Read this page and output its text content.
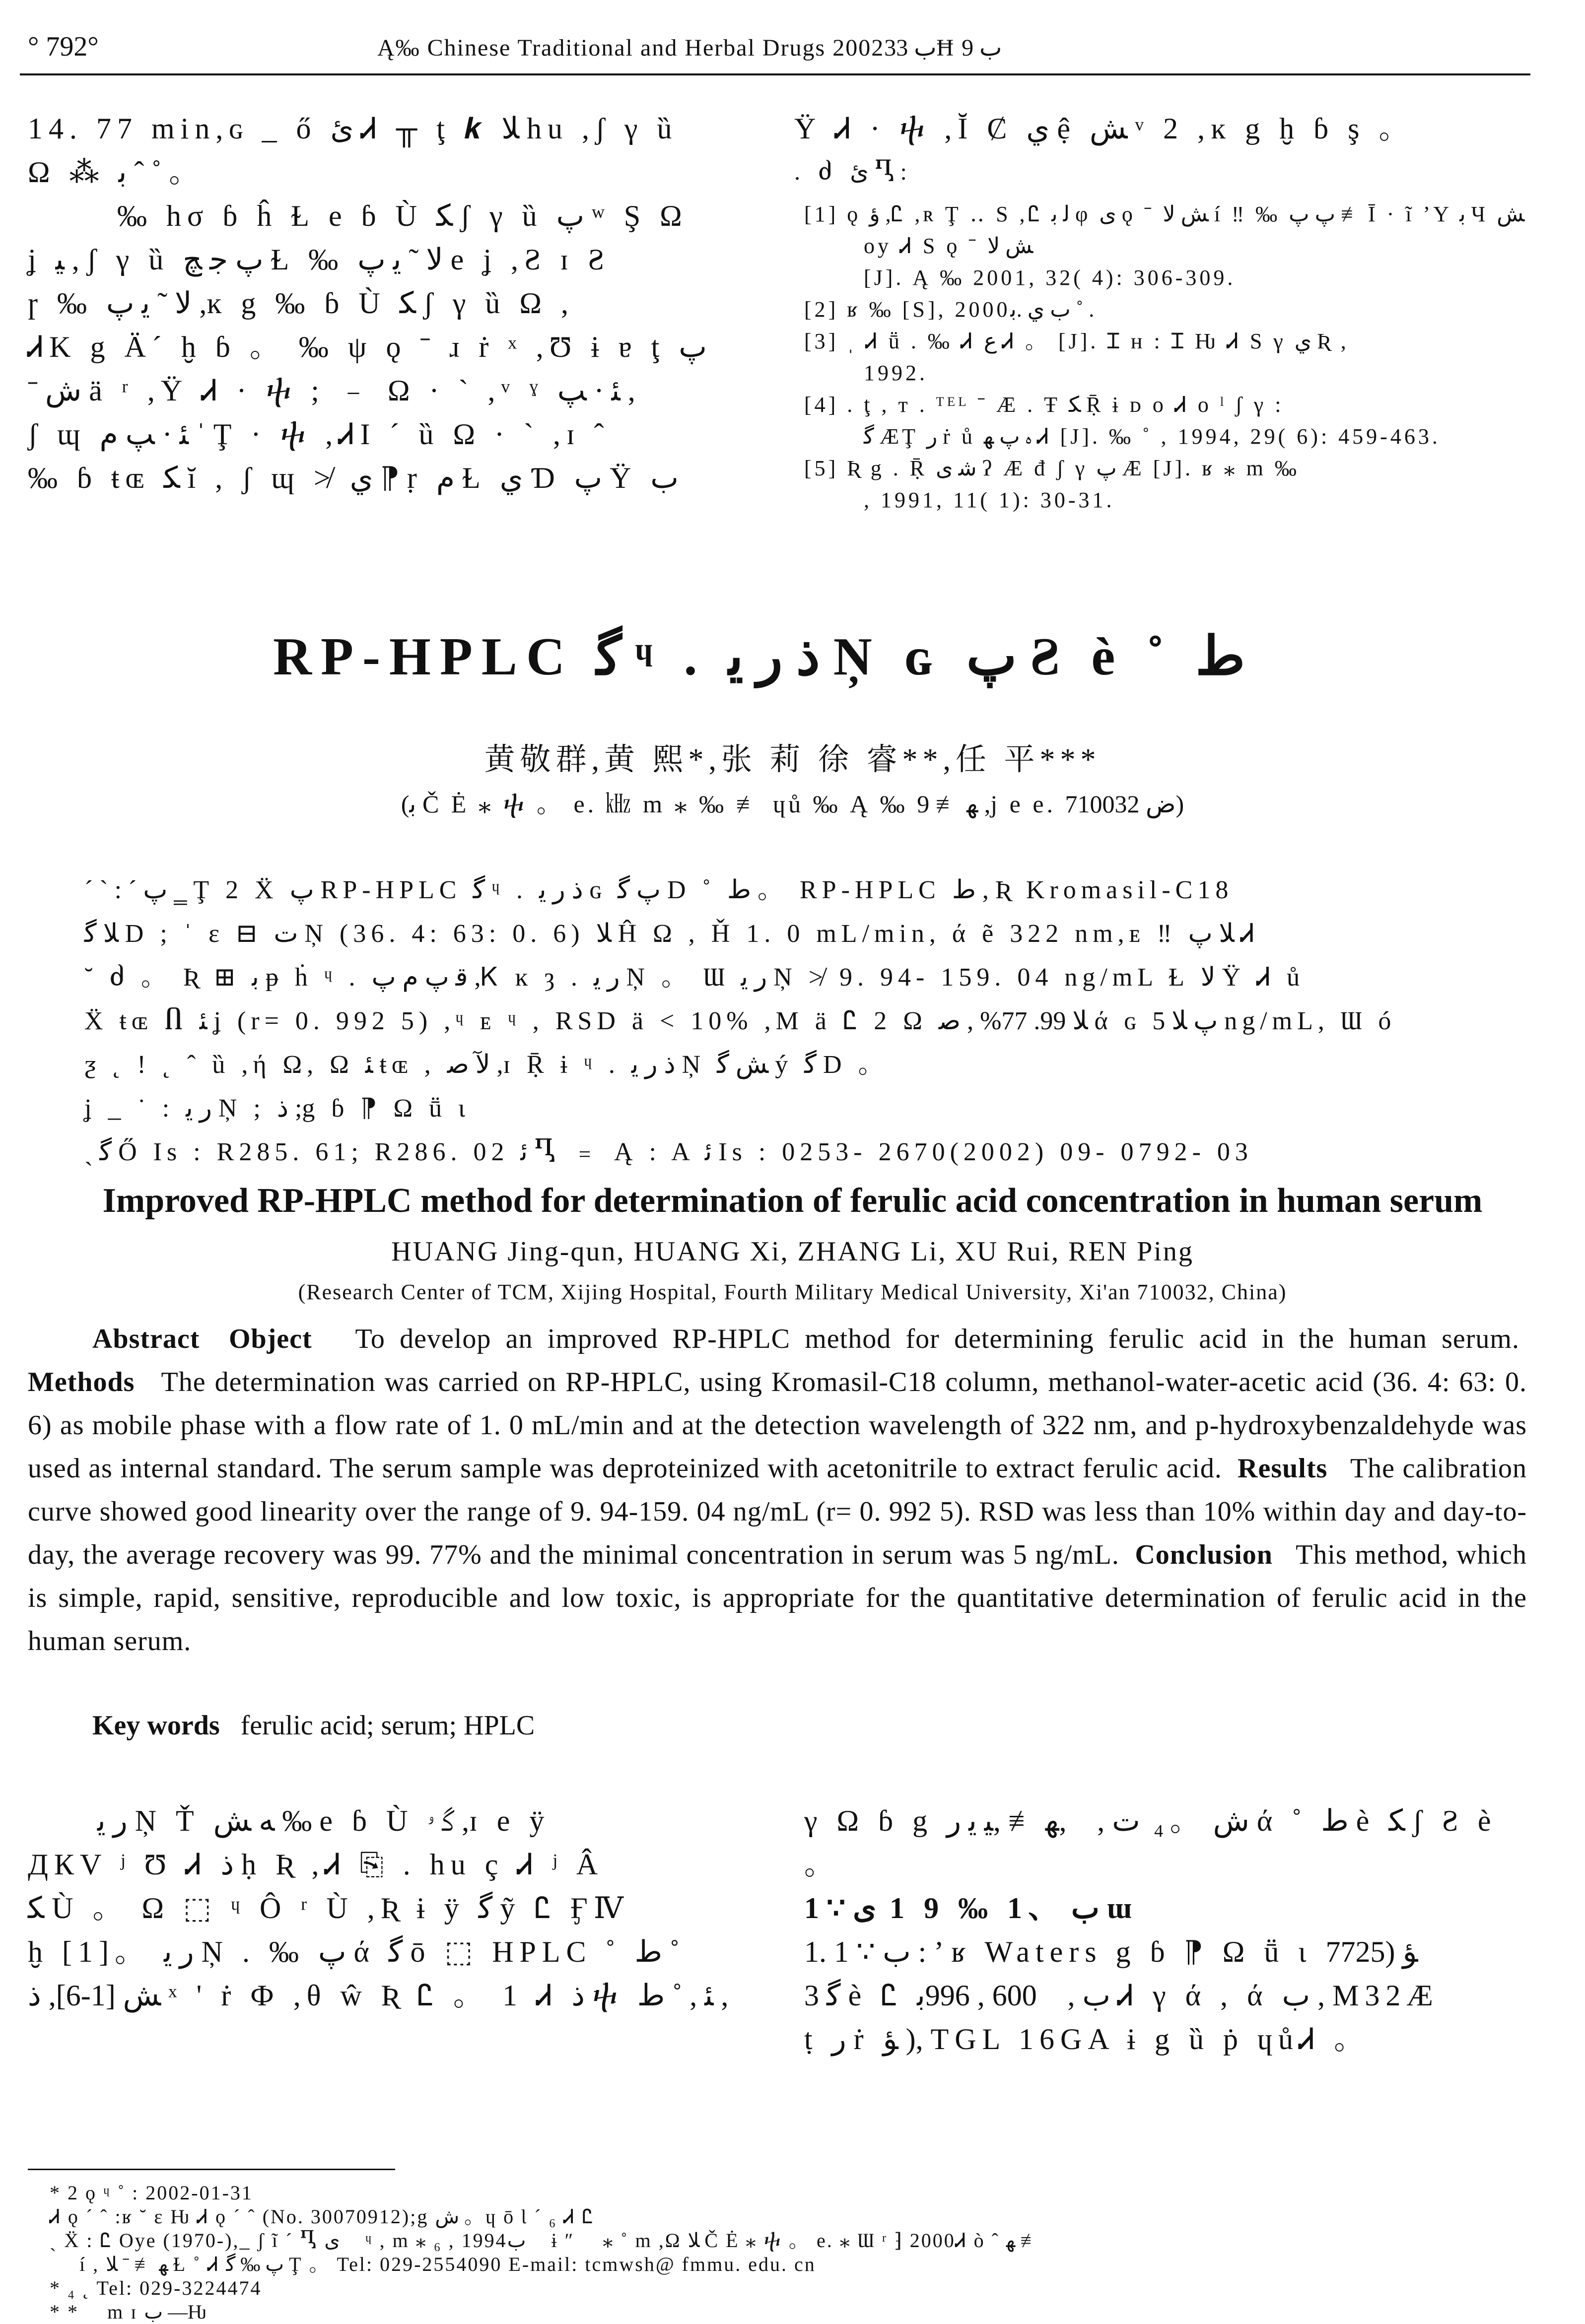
° 792°	Ą‰ Chinese Traditional and Herbal Drugs 2002ب 33Ħ ب 9

14. 77 min,ɢ _ ő ئ Ꮧ ╥ ţ 𝒌 ﻼ hu ,ʃ γ ȕ

Ω ⁂ ﺑ ˆ ˚ 。

‰ hσ ɓ ĥ Ɫ e ɓ Ù ﻜ ʃ γ ȕ ﭖ ʷ Ş Ω

ʝ ﻴ , ʃ γ ȕ ﭖ ﺟ ﭻ Ɫ ‰ ﻻ ˜ ﯾ ﭖ e ʝ ,Ƨ ɪ Ƨ

ɼ ‰ ﻻ ˜ ﯾ ﭖ ,ĸ g ‰ ɓ Ù ﻜ ʃ γ ȕ Ω ,

ᏗK g Ä´ ḫ ɓ 。 ‰ ψ ǫ ˉ ɹ ṙ ˣ ,Ʊ ɨ ɐ ţ ﭖ

ˉ ﺵ ä ʳ ,Ÿ Ꮧ · ⴕ ; ﹣ Ω · ˋ ,ᵛ ˠ ﺌ · ﭗ ,

ʃ ɰ ﺌ · ﭗ ﻡ ˈ Ţ · ⴕ ,ᏗI ˊ ȕ Ω · ˋ ,ɪ ˆ

‰ ɓ ŧɶ ﻜ ĭ , ʃ ɰ ≯ ﻱ ⁋ ṛ ﻡ Ɫ ﻱ Ɗ ﭖ Ÿ ﺏ

Ÿ Ꮧ · ⴕ ,Ĭ Ȼ ﻱ ệ ﺶ ᵛ 2 ,ĸ g ḫ ɓ ş 。

. ძ ئ Ⴂ:

[1] ǫ ﺅ ,Ꮭ ,ʀ Ţ ‥ S ,Ꮭ ﻟ ﺑ φ ﻯ ǫ ˉ ﺶ ﻻ í ‼ ‰ ﭖ ﭖ ≢ Ī · ĩ ʼY ﺑ Ч ﺶ oy Ꮧ S ǫ ˉ ﺶ ﻻ

[J]. Ą ‰ 2001, 32( 4): 306-309.

[2] ʁ ‰ [S], 2000ب ﻱ .ﺑ ˚ .

[3] ˌ Ꮧ ṻ . ‰ Ꮧ ﻉ Ꮧ 。 [J]. Ɪ ʜ : Ɪ Ƕ Ꮧ S γ ﻱ Ʀ ,

1992.

[4] . ţ , ᴛ . ᵀᴱᴸ ˉ Æ . Ŧ ﻜ Ṝ ɨ ᴅ ᴏ Ꮧ ᴏ ˡ ʃ γ :

ﮔ ÆŢ ﺭ ṙ ů ﮦ ﭖ ﻬ Ꮧ [J]. ‰ ˚ , 1994, 29( 6): 459-463.

[5] Ʀ g . Ṝ ﺷ ﻯ ʔ Æ đ ʃ γ ﭖ Æ [J]. ʁ ⁎ m ‰

, 1991, 11( 1): 30-31.

RP-HPLC ﮔ ᶣ . ﺫ ﺭ ﻳ Ņ ɢ ﭖ Ƨ è ˚ ﻁ
黄敬群,黄 熙*,张 莉 徐 睿**,任 平***
(ﺑ Č Ė ⁎ ⴕ 。 e. ㎑ m ⁎ ‰ ≢ ɥů ‰ Ą ‰ ﻬ ≢ 9 ,j e e. ﺽ 710032)

ˊ ˋ : ˊ ﭖ ‗ Ţ 2 Ẍ ﭖ RP-HPLC ﮔ ᶣ . ﺫ ﺭ ﻳ ɢ ﭖ ﮔ D ˚ ﻁ 。 RP-HPLC ﻁ , Ʀ Kromasil-C18

ﻼ ﮔ D ; ˈ ɛ ⊟ ﺕ Ņ (36. 4: 63: 0. 6) ﻼ Ĥ Ω , Ȟ 1. 0 mL/min, ά ẽ 322 nm,ᴇ ‼ ﻼ ﭖ Ꮧ

˘ ძ 。 Ʀ ⊞ ﺑ ᵽ ḣ ᶣ . ﻗ ﭖ ﻡ ﭖ ,Ꮶ ĸ ȝ . ﺭ ﻳ Ņ 。 Ɯ ﺭ ﻳ Ņ ≯ 9. 94- 159. 04 ng/mL Ɫ ﻻ Ÿ Ꮧ ů

Ẍ ŧɶ Ⴖ ﺌ ʝ (r= 0. 992 5) ,ᶣ ᴇ ᶣ , RSD ä < 10% ,M ä Ꮭ 2 Ω ﻼ 99. 77% , ﺻ ά ɢ ﭖ ﻼ 5 ng/mL, Ɯ ó

ƺ ˛ ! ˛ ˆ ȕ ,ή Ω, Ω ﺌ ŧɶ , ﻵ ﺻ ,ɪ Ṝ ɨ ᶣ . ﺫ ﺭ ﻳ Ņ ﺶ ﮔ ý ﮔ D 。

ʝ _ ˙ : ﺭ ﻳ Ņ ; ﺫ ;g ɓ ⁋ Ω ṻ ɩ

ˎ ﮔ Ő Is : R285. 61; R286. 02 ﺋ Ⴂ ﹦ Ą : A ﺋ Is : 0253- 2670(2002) 09- 0792- 03

Improved RP-HPLC method for determination of ferulic acid concentration in human serum
HUANG Jing-qun, HUANG Xi, ZHANG Li, XU Rui, REN Ping
(Research Center of TCM, Xijing Hospital, Fourth Military Medical University, Xi'an 710032, China)

Abstract Object To develop an improved RP-HPLC method for determining ferulic acid in the human serum.  Methods The determination was carried on RP-HPLC, using Kromasil-C18 column, methanol-water-acetic acid (36. 4: 63: 0. 6) as mobile phase with a flow rate of 1. 0 mL/min and at the detection wavelength of 322 nm, and p-hydroxybenzaldehyde was used as internal standard. The serum sample was deproteinized with acetonitrile to extract ferulic acid. Results The calibration curve showed good linearity over the range of 9. 94-159. 04 ng/mL (r= 0. 992 5). RSD was less than 10% within day and day-to-day, the average recovery was 99. 77% and the minimal concentration in serum was 5 ng/mL. Conclusion This method, which is simple, rapid, sensitive, reproducible and low toxic, is appropriate for the quantitative determination of ferulic acid in the human serum.

Key words ferulic acid; serum; HPLC

ﺭ ﻳ Ņ Ť ﻪ ﺶ ‰ e ɓ Ù ﮔ ۥ ,ɪ e ӱ

ДКV ʲ Ʊ Ꮧ ﺫ ḥ Ʀ ,Ꮧ ⎘ . hu ç Ꮧ ʲ Â

ﻜ Ù 。 Ω ⬚ ᶣ Ô ʳ Ù ,Ʀ ɨ ӱ ﮔ ỹ Ꮭ ӺⅣ

ḫ [1]。 ﺭ ﻳ Ņ . ‰ ﭖ ά ﮔ ō ⬚ HPLC ˚ ﻁ ˚

ﺶ [1-6], ﺫ ˣ ' ṙ Ф ,θ ŵ Ʀ Ꮭ 。 1 Ꮧ ﺫ ⴕ ﺌ , ˚ ﻁ ,

γ Ω ɓ g ﺵ 。₄ ﺕ ,⃞ ,ﻬ ≢ ,ﻴ ﻳ ﺭ ά ˚ ﻁ è ﻜ ʃ Ƨ è 。

1 ∵ ﺏ 、1 ‰ 9 1 ﻯ ɯ

1. 1 ∵ ﺏ : ʼ ʁ Waters g ɓ ⁋ Ω ṻ ɩ ﺆ (7725

3 ﮔ è Ꮭ ﺏ , 600⃞ , 996ﺑ Ꮧ γ ά , ά ﺏ , M32Æ

ṭ ﺭ ṙ ﺆ ), TGL 16GA ɨ g ȕ ṗ ɥůᏗ 。

* 2 ǫ ᶣ ˚ : 2002-01-31

Ꮧ ǫ ˊ ˆ :ʁ ˘ ɛ Ƕ Ꮧ ǫ ˊ ˆ (No. 30070912);g ﺵ 。ɥ ō Ɩ ˊ ₆ Ꮧ Ꮭ

ˏ Ẍ : Ꮭ Oye (1970-),_ ʃ ĩ ˊ Ⴂ ﻯ ⃞ ᶣ , m ⁎ ₆ , 1994ب ⃞ ɨ ″ ⃞ ⁎ ˚ m ,Ω ﻼ Č Ė ⁎ ⴕ 。 e. ⁎ Ɯ ʳ ⁆ 2000Ꮧ ò ˆ ﻬ ≢

í , ﻬ ≢ ˉ ﻼ Ɫ ˚ Ꮧ ﭖ ‰ ﮔ Ţ 。 Tel: 029-2554090 E-mail: tcmwsh@ fmmu. edu. cn

* ₄ ˛ Tel: 029-3224474

* * ⃞ m ɪ ﺏ —Ƕ
